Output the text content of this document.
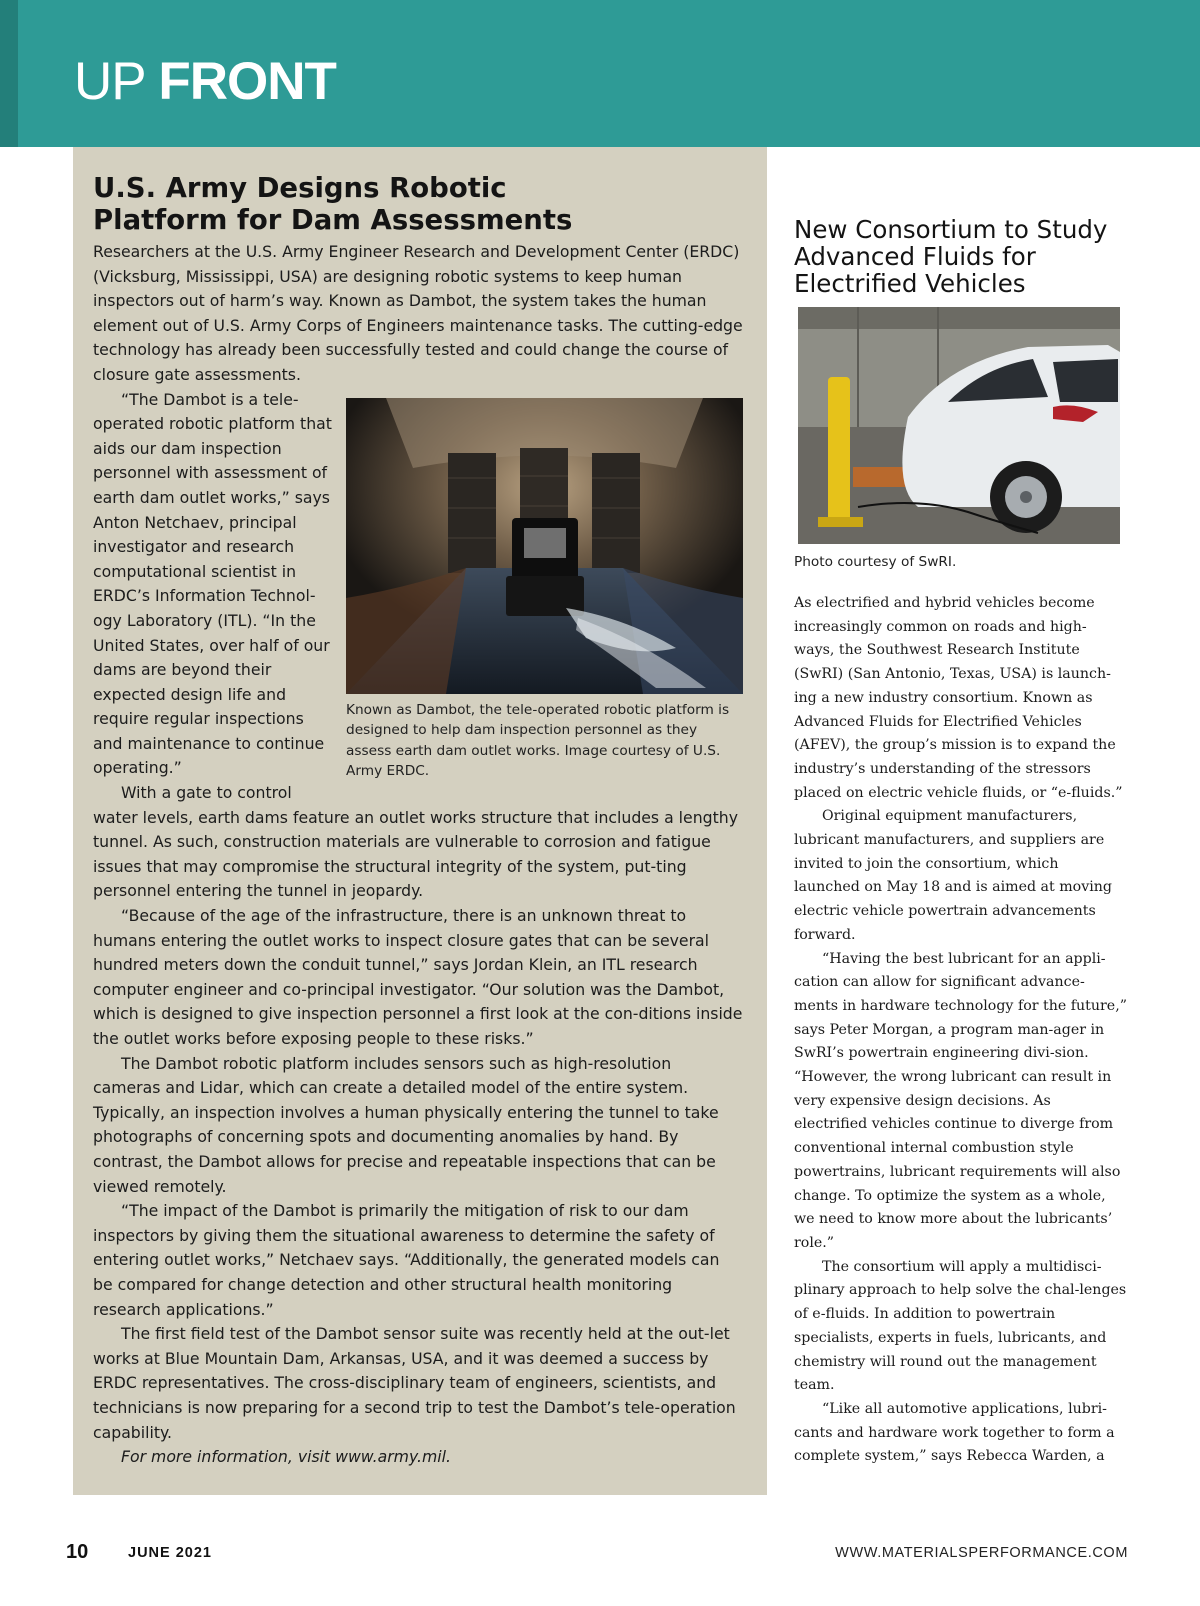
UP FRONT
U.S. Army Designs Robotic Platform for Dam Assessments

Researchers at the U.S. Army Engineer Research and Development Center (ERDC) (Vicksburg, Mississippi, USA) are designing robotic systems to keep human inspectors out of harm’s way. Known as Dambot, the system takes the human element out of U.S. Army Corps of Engineers maintenance tasks. The cutting-edge technology has already been successfully tested and could change the course of closure gate assessments.

Known as Dambot, the tele-operated robotic platform is designed to help dam inspection personnel as they assess earth dam outlet works. Image courtesy of U.S. Army ERDC.

“The Dambot is a tele-operated robotic platform that aids our dam inspection personnel with assessment of earth dam outlet works,” says Anton Netchaev, principal investigator and research computational scientist in ERDC’s Information Technol-ogy Laboratory (ITL). “In the United States, over half of our dams are beyond their expected design life and require regular inspections and maintenance to continue operating.”

With a gate to control water levels, earth dams feature an outlet works structure that includes a lengthy tunnel. As such, construction materials are vulnerable to corrosion and fatigue issues that may compromise the structural integrity of the system, put-ting personnel entering the tunnel in jeopardy.

“Because of the age of the infrastructure, there is an unknown threat to humans entering the outlet works to inspect closure gates that can be several hundred meters down the conduit tunnel,” says Jordan Klein, an ITL research computer engineer and co-principal investigator. “Our solution was the Dambot, which is designed to give inspection personnel a first look at the con-ditions inside the outlet works before exposing people to these risks.”

The Dambot robotic platform includes sensors such as high-resolution cameras and Lidar, which can create a detailed model of the entire system. Typically, an inspection involves a human physically entering the tunnel to take photographs of concerning spots and documenting anomalies by hand. By contrast, the Dambot allows for precise and repeatable inspections that can be viewed remotely.

“The impact of the Dambot is primarily the mitigation of risk to our dam inspectors by giving them the situational awareness to determine the safety of entering outlet works,” Netchaev says. “Additionally, the generated models can be compared for change detection and other structural health monitoring research applications.”

The first field test of the Dambot sensor suite was recently held at the out-let works at Blue Mountain Dam, Arkansas, USA, and it was deemed a success by ERDC representatives. The cross-disciplinary team of engineers, scientists, and technicians is now preparing for a second trip to test the Dambot’s tele-operation capability.

For more information, visit www.army.mil.

New Consortium to Study Advanced Fluids for Electrified Vehicles
Photo courtesy of SwRI.

As electrified and hybrid vehicles become increasingly common on roads and high-ways, the Southwest Research Institute (SwRI) (San Antonio, Texas, USA) is launch-ing a new industry consortium. Known as Advanced Fluids for Electrified Vehicles (AFEV), the group’s mission is to expand the industry’s understanding of the stressors placed on electric vehicle fluids, or “e-fluids.”

Original equipment manufacturers, lubricant manufacturers, and suppliers are invited to join the consortium, which launched on May 18 and is aimed at moving electric vehicle powertrain advancements forward.

“Having the best lubricant for an appli-cation can allow for significant advance-ments in hardware technology for the future,” says Peter Morgan, a program man-ager in SwRI’s powertrain engineering divi-sion. “However, the wrong lubricant can result in very expensive design decisions. As electrified vehicles continue to diverge from conventional internal combustion style powertrains, lubricant requirements will also change. To optimize the system as a whole, we need to know more about the lubricants’ role.”

The consortium will apply a multidisci-plinary approach to help solve the chal-lenges of e-fluids. In addition to powertrain specialists, experts in fuels, lubricants, and chemistry will round out the management team.

“Like all automotive applications, lubri-cants and hardware work together to form a complete system,” says Rebecca Warden, a

10	JUNE 2021	WWW.MATERIALSPERFORMANCE.COM
